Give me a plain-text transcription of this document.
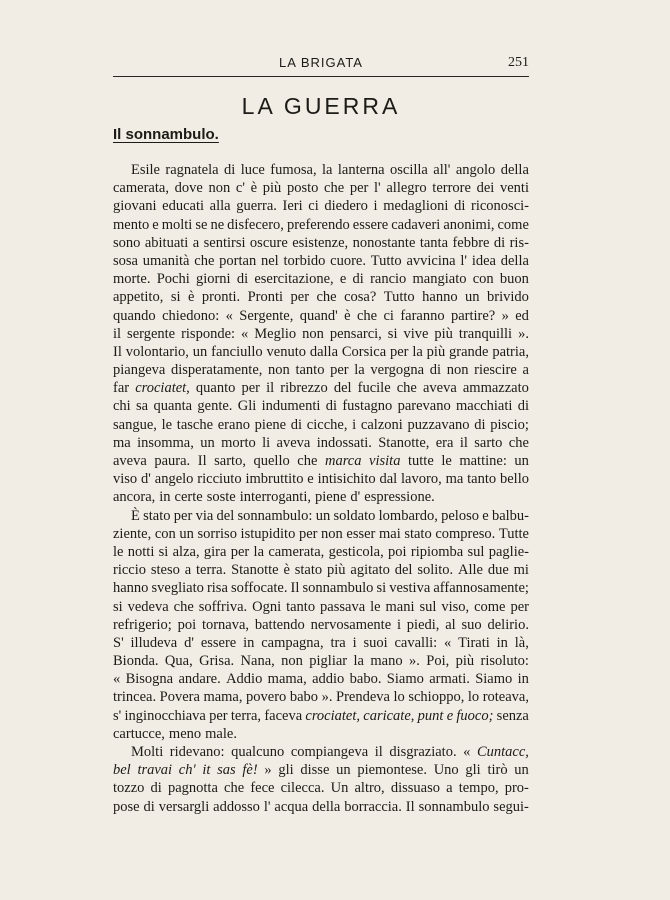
LA BRIGATA	251
LA GUERRA
Il sonnambulo.
Esile ragnatela di luce fumosa, la lanterna oscilla all' angolo della
camerata, dove non c' è più posto che per l' allegro terrore dei venti
giovani educati alla guerra. Ieri ci diedero i medaglioni di riconosci-
mento e molti se ne disfecero, preferendo essere cadaveri anonimi, come
sono abituati a sentirsi oscure esistenze, nonostante tanta febbre di ris-
sosa umanità che portan nel torbido cuore. Tutto avvicina l' idea della
morte. Pochi giorni di esercitazione, e di rancio mangiato con buon
appetito, si è pronti. Pronti per che cosa? Tutto hanno un brivido
quando chiedono: « Sergente, quand' è che ci faranno partire? » ed
il sergente risponde: « Meglio non pensarci, si vive più tranquilli ».
Il volontario, un fanciullo venuto dalla Corsica per la più grande patria,
piangeva disperatamente, non tanto per la vergogna di non riescire a
far crociatet, quanto per il ribrezzo del fucile che aveva ammazzato
chi sa quanta gente. Gli indumenti di fustagno parevano macchiati di
sangue, le tasche erano piene di cicche, i calzoni puzzavano di piscio;
ma insomma, un morto li aveva indossati. Stanotte, era il sarto che
aveva paura. Il sarto, quello che marca visita tutte le mattine: un
viso d' angelo ricciuto imbruttito e intisichito dal lavoro, ma tanto bello
ancora, in certe soste interroganti, piene d' espressione.
È stato per via del sonnambulo: un soldato lombardo, peloso e balbu-
ziente, con un sorriso istupidito per non esser mai stato compreso. Tutte
le notti si alza, gira per la camerata, gesticola, poi ripiomba sul paglie-
riccio steso a terra. Stanotte è stato più agitato del solito. Alle due mi
hanno svegliato risa soffocate. Il sonnambulo si vestiva affannosamente;
si vedeva che soffriva. Ogni tanto passava le mani sul viso, come per
refrigerio; poi tornava, battendo nervosamente i piedi, al suo delirio.
S' illudeva d' essere in campagna, tra i suoi cavalli: « Tirati in là,
Bionda. Qua, Grisa. Nana, non pigliar la mano ». Poi, più risoluto:
« Bisogna andare. Addio mama, addio babo. Siamo armati. Siamo in
trincea. Povera mama, povero babo ». Prendeva lo schioppo, lo roteava,
s' inginocchiava per terra, faceva crociatet, caricate, punt e fuoco; senza
cartucce, meno male.
Molti ridevano: qualcuno compiangeva il disgraziato. « Cuntacc,
bel travai ch' it sas fè! » gli disse un piemontese. Uno gli tirò un
tozzo di pagnotta che fece cilecca. Un altro, dissuaso a tempo, pro-
pose di versargli addosso l' acqua della borraccia. Il sonnambulo segui-
